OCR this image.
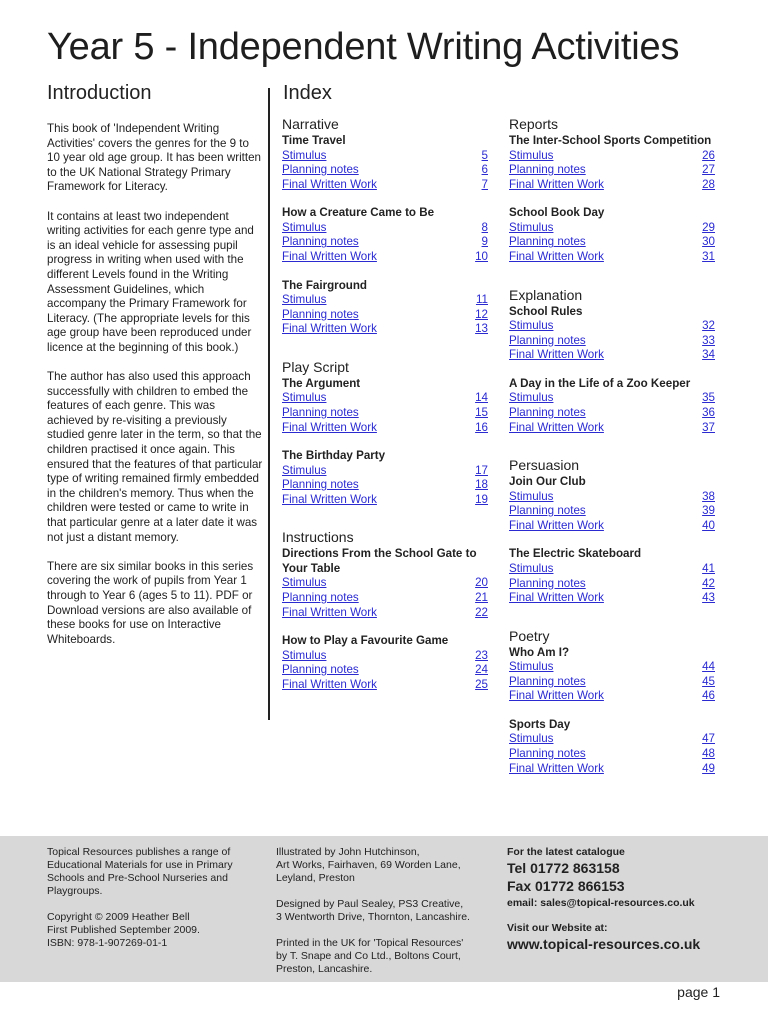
Year 5 - Independent Writing Activities
Introduction	Index

This book of 'Independent Writing Activities' covers the genres for the 9 to 10 year old age group. It has been written to the UK National Strategy Primary Framework for Literacy.

It contains at least two independent writing activities for each genre type and is an ideal vehicle for assessing pupil progress in writing when used with the different Levels found in the Writing Assessment Guidelines, which accompany the Primary Framework for Literacy. (The appropriate levels for this age group have been reproduced under licence at the beginning of this book.)

The author has also used this approach successfully with children to embed the features of each genre. This was achieved by re-visiting a previously studied genre later in the term, so that the children practised it once again. This ensured that the features of that particular type of writing remained firmly embedded in the children's memory. Thus when the children were tested or came to write in that particular genre at a later date it was not just a distant memory.

There are six similar books in this series covering the work of pupils from Year 1 through to Year 6 (ages 5 to 11). PDF or Download versions are also available of these books for use on Interactive Whiteboards.

Narrative
Time Travel
Stimulus	5
Planning notes	6
Final Written Work	7
How a Creature Came to Be
Stimulus	8
Planning notes	9
Final Written Work	10
The Fairground
Stimulus	11
Planning notes	12
Final Written Work	13
Play Script
The Argument
Stimulus	14
Planning notes	15
Final Written Work	16
The Birthday Party
Stimulus	17
Planning notes	18
Final Written Work	19
Instructions
Directions From the School Gate to Your Table
Stimulus	20
Planning notes	21
Final Written Work	22
How to Play a Favourite Game
Stimulus	23
Planning notes	24
Final Written Work	25
Reports
The Inter-School Sports Competition
Stimulus	26
Planning notes	27
Final Written Work	28
School Book Day
Stimulus	29
Planning notes	30
Final Written Work	31
Explanation
School Rules
Stimulus	32
Planning notes	33
Final Written Work	34
A Day in the Life of a Zoo Keeper
Stimulus	35
Planning notes	36
Final Written Work	37
Persuasion
Join Our Club
Stimulus	38
Planning notes	39
Final Written Work	40
The Electric Skateboard
Stimulus	41
Planning notes	42
Final Written Work	43
Poetry
Who Am I?
Stimulus	44
Planning notes	45
Final Written Work	46
Sports Day
Stimulus	47
Planning notes	48
Final Written Work	49

Topical Resources publishes a range of Educational Materials for use in Primary Schools and Pre-School Nurseries and Playgroups.

Copyright © 2009 Heather Bell
First Published September 2009.
ISBN: 978-1-907269-01-1
Illustrated by John Hutchinson,
Art Works, Fairhaven, 69 Worden Lane,
Leyland, Preston
Designed by Paul Sealey, PS3 Creative,
3 Wentworth Drive, Thornton, Lancashire.
Printed in the UK for 'Topical Resources'
by T. Snape and Co Ltd., Boltons Court,
Preston, Lancashire.
For the latest catalogue
Tel 01772 863158
Fax 01772 866153
email: sales@topical-resources.co.uk
Visit our Website at:
www.topical-resources.co.uk
page 1
